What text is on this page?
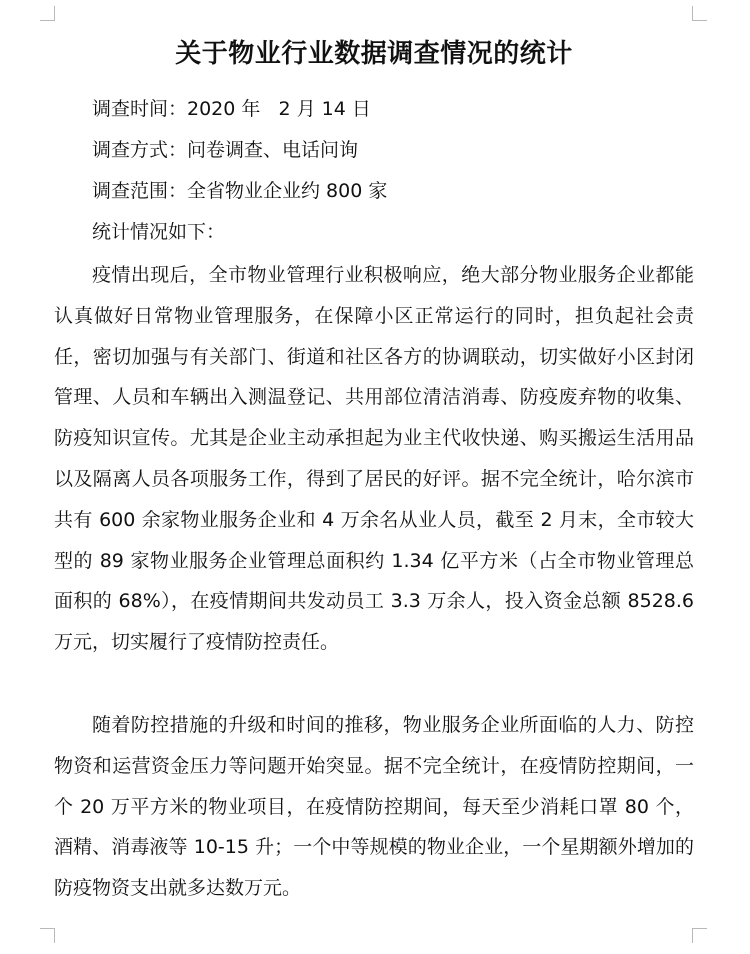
关于物业行业数据调查情况的统计
调查时间：2020 年   2 月 14 日
调查方式：问卷调查、电话问询
调查范围：全省物业企业约 800 家
统计情况如下：

疫情出现后，全市物业管理行业积极响应，绝大部分物业服务企业都能认真做好日常物业管理服务，在保障小区正常运行的同时，担负起社会责任，密切加强与有关部门、街道和社区各方的协调联动，切实做好小区封闭管理、人员和车辆出入测温登记、共用部位清洁消毒、防疫废弃物的收集、防疫知识宣传。尤其是企业主动承担起为业主代收快递、购买搬运生活用品以及隔离人员各项服务工作，得到了居民的好评。据不完全统计，哈尔滨市共有 600 余家物业服务企业和 4 万余名从业人员，截至 2 月末，全市较大型的 89 家物业服务企业管理总面积约 1.34 亿平方米（占全市物业管理总面积的 68%），在疫情期间共发动员工 3.3 万余人，投入资金总额 8528.6 万元，切实履行了疫情防控责任。

随着防控措施的升级和时间的推移，物业服务企业所面临的人力、防控物资和运营资金压力等问题开始突显。据不完全统计，在疫情防控期间，一个 20 万平方米的物业项目，在疫情防控期间，每天至少消耗口罩 80 个，酒精、消毒液等 10-15 升；一个中等规模的物业企业，一个星期额外增加的防疫物资支出就多达数万元。
